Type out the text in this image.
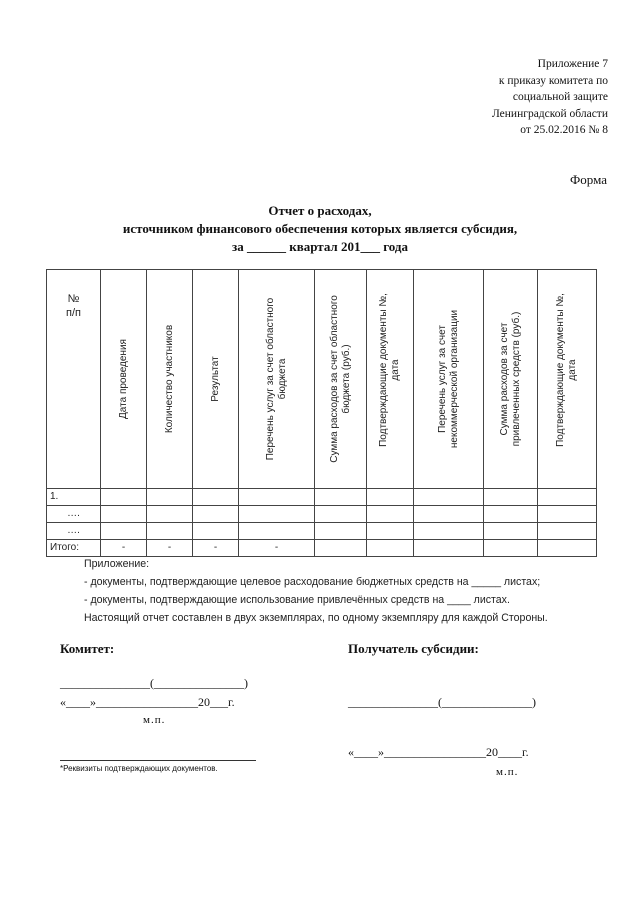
Приложение 7
к приказу комитета по
социальной защите
Ленинградской области
от 25.02.2016 № 8
Форма
Отчет о расходах,
источником финансового обеспечения которых является субсидия,
за ______ квартал 201___ года
№
п/п	Дата проведения	Количество участников	Результат	Перечень услуг за счет областного бюджета	Сумма расходов за счет областного бюджета (руб.)	Подтверждающие документы №, дата	Перечень услуг за счет некоммерческой организации	Сумма расходов за счет привлеченных средств (руб.)	Подтверждающие документы №, дата

1.									
….									
….									
Итого:	-	-	-	-					
Приложение:
- документы, подтверждающие целевое расходование бюджетных средств на _____ листах;
- документы, подтверждающие использование привлечённых средств на ____ листах.
Настоящий отчет составлен в двух экземплярах, по одному экземпляру для каждой Стороны.
Комитет:
_______________(_______________)
«____»_________________20___г.
м.п.
Получатель субсидии:
_______________(_______________)
«____»_________________20____г.
м.п.
*Реквизиты подтверждающих документов.
